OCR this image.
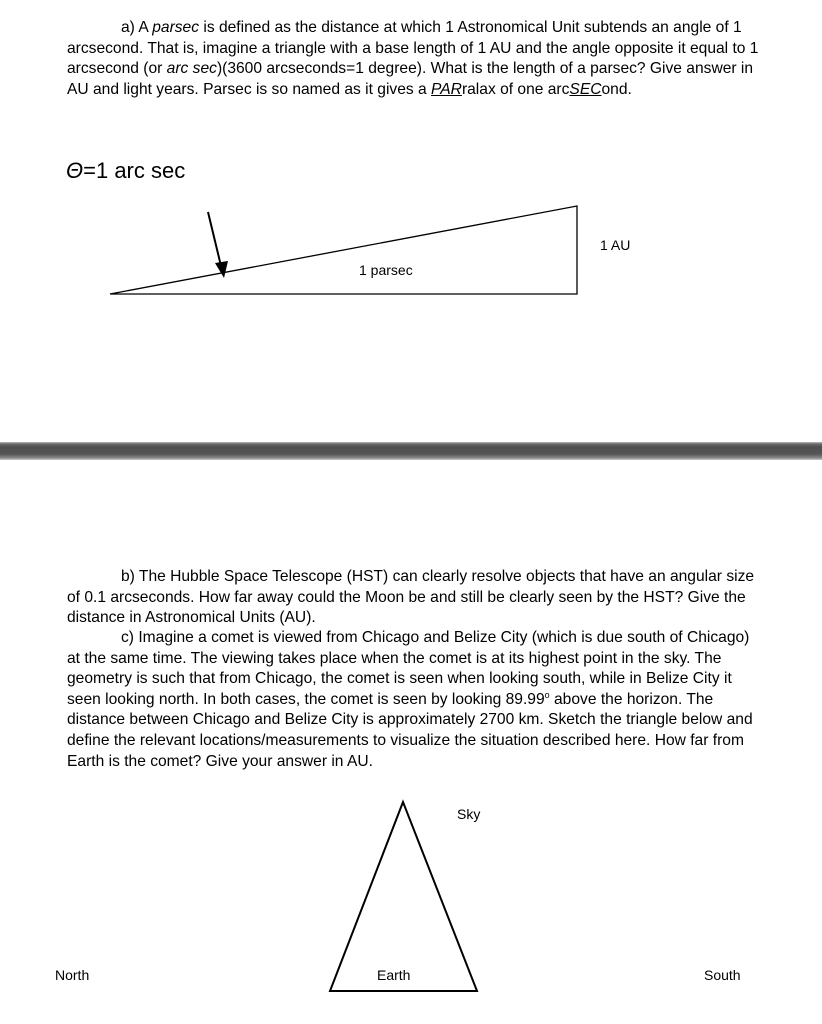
a) A parsec is defined as the distance at which 1 Astronomical Unit subtends an angle of 1 arcsecond. That is, imagine a triangle with a base length of 1 AU and the angle opposite it equal to 1 arcsecond (or arc sec)(3600 arcseconds=1 degree). What is the length of a parsec? Give answer in AU and light years. Parsec is so named as it gives a PARralax of one arcSECond.

Θ=1 arc sec
1 AU
1 parsec

b) The Hubble Space Telescope (HST) can clearly resolve objects that have an angular size of 0.1 arcseconds. How far away could the Moon be and still be clearly seen by the HST? Give the distance in Astronomical Units (AU).

c) Imagine a comet is viewed from Chicago and Belize City (which is due south of Chicago) at the same time. The viewing takes place when the comet is at its highest point in the sky. The geometry is such that from Chicago, the comet is seen when looking south, while in Belize City it seen looking north. In both cases, the comet is seen by looking 89.99$^o$ above the horizon. The distance between Chicago and Belize City is approximately 2700 km. Sketch the triangle below and define the relevant locations/measurements to visualize the situation described here. How far from Earth is the comet? Give your answer in AU.

Sky
Earth
North	South
